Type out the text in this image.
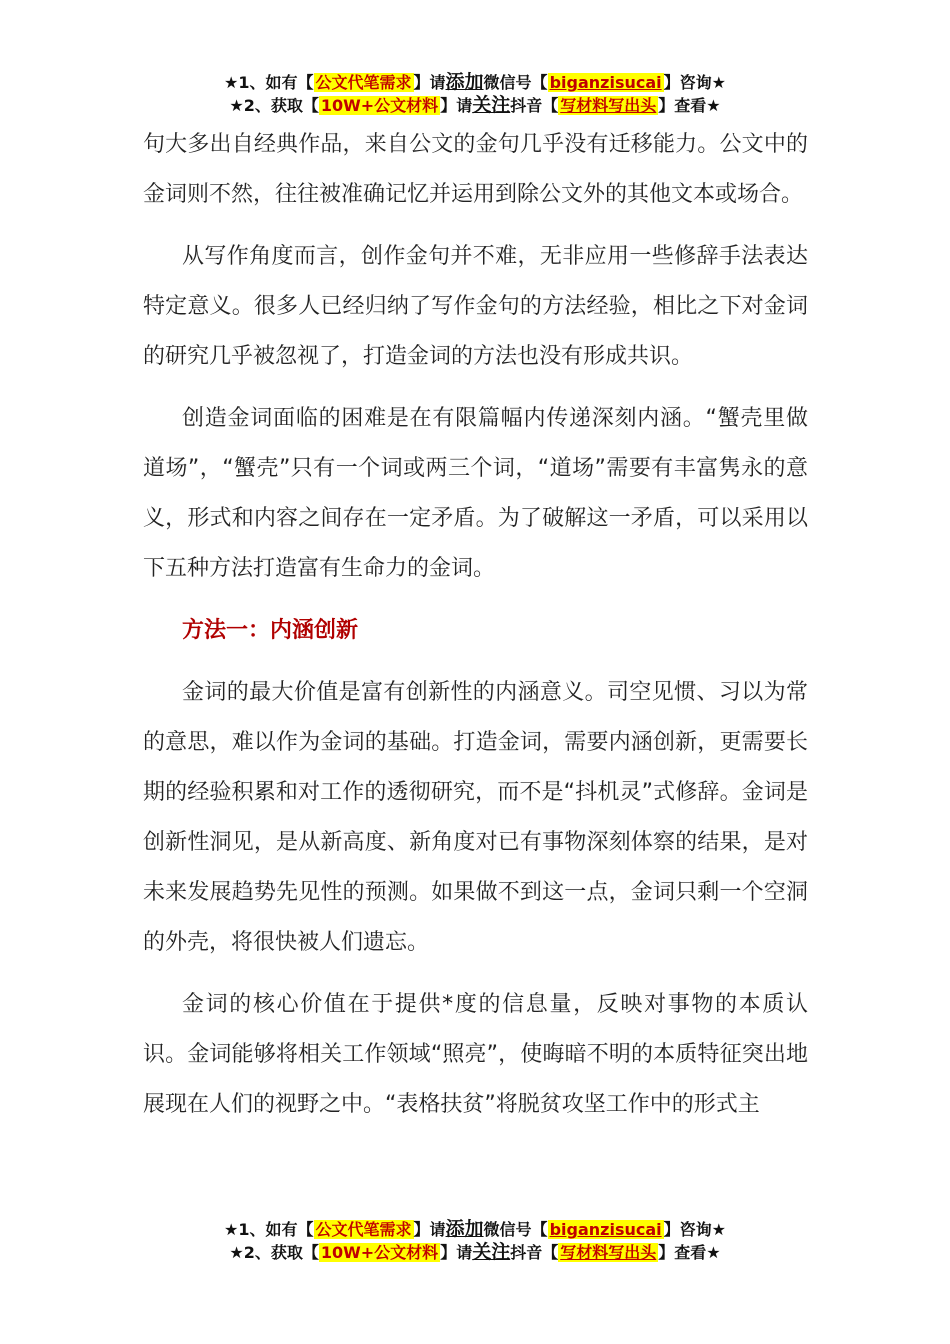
★1、如有【 公文代笔需求 】请添加微信号【 biganzisucai 】咨询★
★2、获取【 10W+公文材料 】请关注抖音【 写材料写出头 】查看★

句大多出自经典作品，来自公文的金句几乎没有迁移能力。公文中的金词则不然，往往被准确记忆并运用到除公文外的其他文本或场合。

从写作角度而言，创作金句并不难，无非应用一些修辞手法表达特定意义。很多人已经归纳了写作金句的方法经验，相比之下对金词的研究几乎被忽视了，打造金词的方法也没有形成共识。

创造金词面临的困难是在有限篇幅内传递深刻内涵。“蟹壳里做道场”，“蟹壳”只有一个词或两三个词，“道场”需要有丰富隽永的意义，形式和内容之间存在一定矛盾。为了破解这一矛盾，可以采用以下五种方法打造富有生命力的金词。

方法一：内涵创新

金词的最大价值是富有创新性的内涵意义。司空见惯、习以为常的意思，难以作为金词的基础。打造金词，需要内涵创新，更需要长期的经验积累和对工作的透彻研究，而不是“抖机灵”式修辞。金词是创新性洞见，是从新高度、新角度对已有事物深刻体察的结果，是对未来发展趋势先见性的预测。如果做不到这一点，金词只剩一个空洞的外壳，将很快被人们遗忘。

金词的核心价值在于提供*度的信息量，反映对事物的本质认识。金词能够将相关工作领域“照亮”，使晦暗不明的本质特征突出地展现在人们的视野之中。“表格扶贫”将脱贫攻坚工作中的形式主

★1、如有【 公文代笔需求 】请添加微信号【 biganzisucai 】咨询★
★2、获取【 10W+公文材料 】请关注抖音【 写材料写出头 】查看★
